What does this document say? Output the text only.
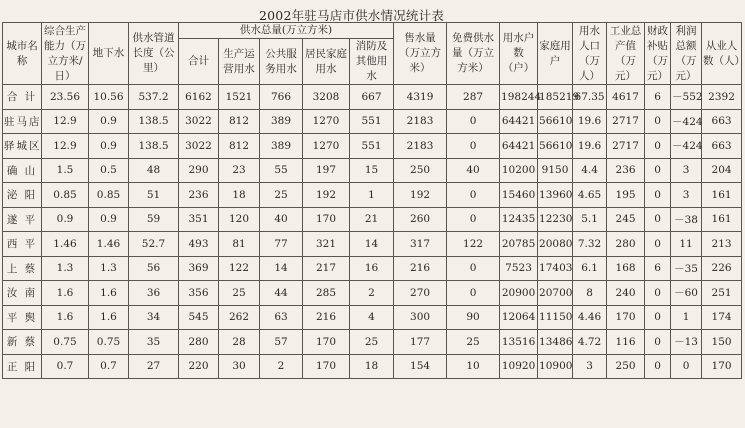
2002年驻马店市供水情况统计表
城市名称	综合生产能力（万立方米/日）	地下水	供水管道长度（公里）	供水总量(万立方米)					售水量（万立方米）	免费供水量（万立方米）	用水户数（户）	家庭用户	用水人口（万人）	工业总产值（万元）	财政补贴（万元）	利润总额（万元）	从业人数（人）
				合计	生产运营用水	公共服务用水	居民家庭用水	消防及其他用水									
合 计	23.56	10.56	537.2	6162	1521	766	3208	667	4319	287	198244	185219	67.35	4617	6	－552	2392
驻马店	12.9	0.9	138.5	3022	812	389	1270	551	2183	0	64421	56610	19.6	2717	0	－424	663
驿城区	12.9	0.9	138.5	3022	812	389	1270	551	2183	0	64421	56610	19.6	2717	0	－424	663
确 山	1.5	0.5	48	290	23	55	197	15	250	40	10200	9150	4.4	236	0	3	204
泌 阳	0.85	0.85	51	236	18	25	192	1	192	0	15460	13960	4.65	195	0	3	161
遂 平	0.9	0.9	59	351	120	40	170	21	260	0	12435	12230	5.1	245	0	－38	161
西 平	1.46	1.46	52.7	493	81	77	321	14	317	122	20785	20080	7.32	280	0	11	213
上 蔡	1.3	1.3	56	369	122	14	217	16	216	0	7523	17403	6.1	168	6	－35	226
汝 南	1.6	1.6	36	356	25	44	285	2	270	0	20900	20700	8	240	0	－60	251
平 舆	1.6	1.6	34	545	262	63	216	4	300	90	12064	11150	4.46	170	0	1	174
新 蔡	0.75	0.75	35	280	28	57	170	25	177	25	13516	13486	4.72	116	0	－13	150
正 阳	0.7	0.7	27	220	30	2	170	18	154	10	10920	10900	3	250	0	0	170
